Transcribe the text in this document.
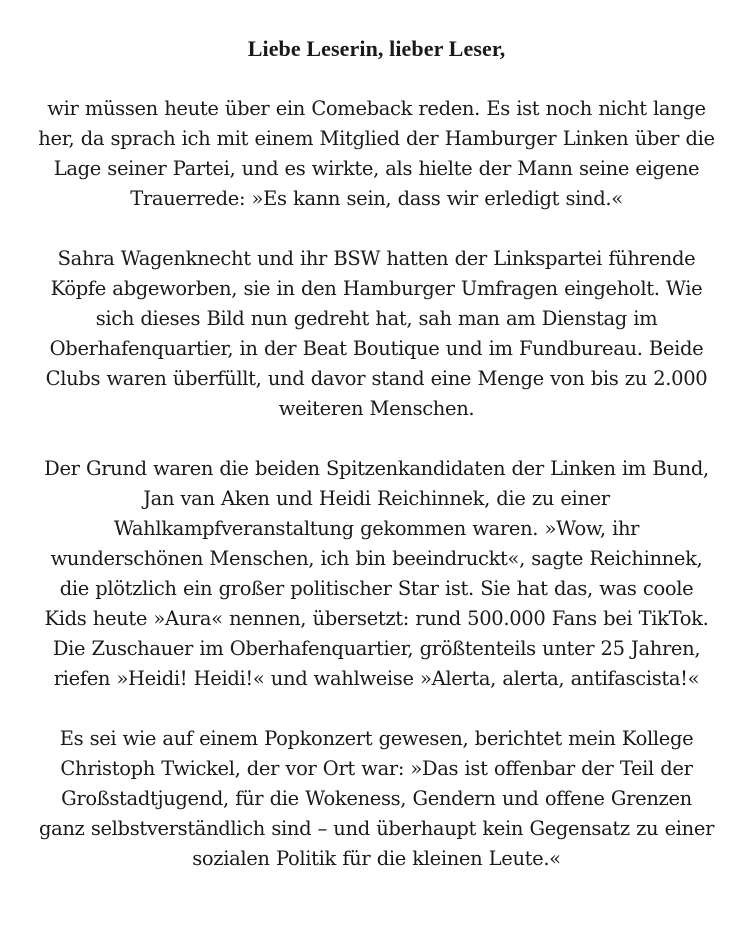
Liebe Leserin, lieber Leser,

wir müssen heute über ein Comeback reden. Es ist noch nicht lange her, da sprach ich mit einem Mitglied der Hamburger Linken über die Lage seiner Partei, und es wirkte, als hielte der Mann seine eigene Trauerrede: »Es kann sein, dass wir erledigt sind.«

Sahra Wagenknecht und ihr BSW hatten der Linkspartei führende Köpfe abgeworben, sie in den Hamburger Umfragen eingeholt. Wie sich dieses Bild nun gedreht hat, sah man am Dienstag im Oberhafenquartier, in der Beat Boutique und im Fundbureau. Beide Clubs waren überfüllt, und davor stand eine Menge von bis zu 2.000 weiteren Menschen.

Der Grund waren die beiden Spitzenkandidaten der Linken im Bund, Jan van Aken und Heidi Reichinnek, die zu einer Wahlkampfveranstaltung gekommen waren. »Wow, ihr wunderschönen Menschen, ich bin beeindruckt«, sagte Reichinnek, die plötzlich ein großer politischer Star ist. Sie hat das, was coole Kids heute »Aura« nennen, übersetzt: rund 500.000 Fans bei TikTok. Die Zuschauer im Oberhafenquartier, größtenteils unter 25 Jahren, riefen »Heidi! Heidi!« und wahlweise »Alerta, alerta, antifascista!«

Es sei wie auf einem Popkonzert gewesen, berichtet mein Kollege Christoph Twickel, der vor Ort war: »Das ist offenbar der Teil der Großstadtjugend, für die Wokeness, Gendern und offene Grenzen ganz selbstverständlich sind – und überhaupt kein Gegensatz zu einer sozialen Politik für die kleinen Leute.«
